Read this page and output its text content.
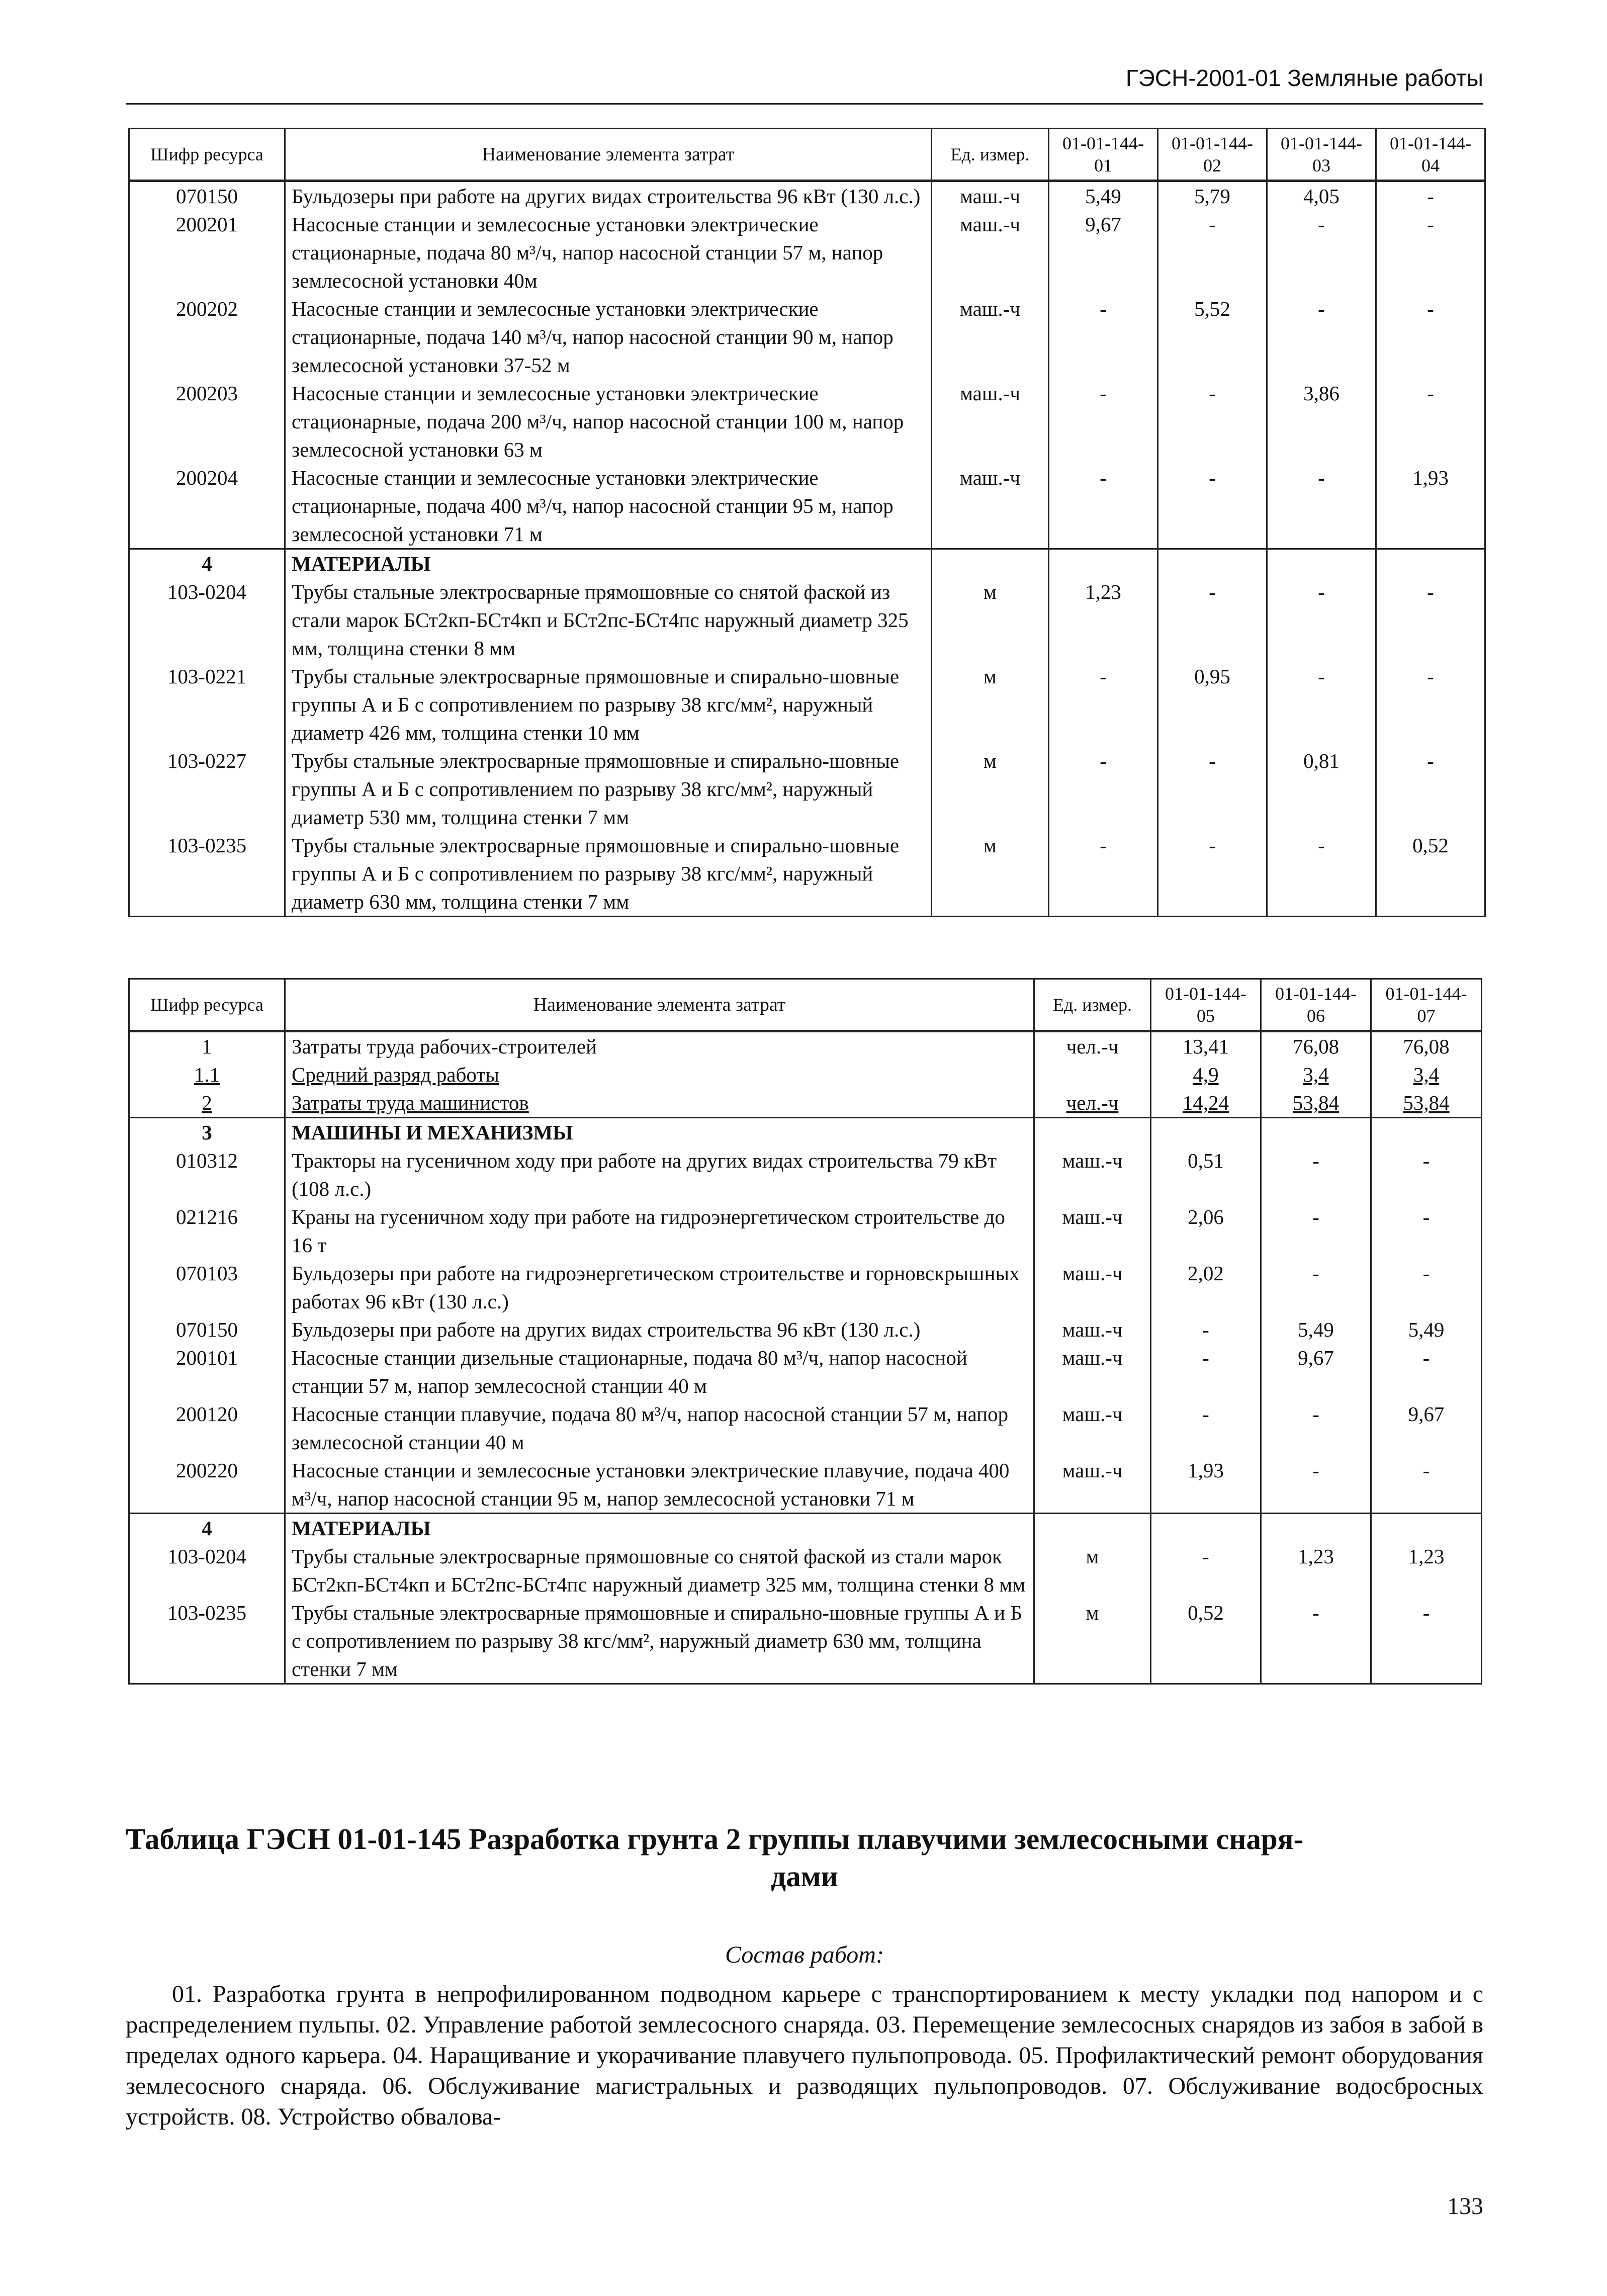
ГЭСН-2001-01 Земляные работы
Шифр ресурса	Наименование элемента затрат	Ед. измер.	01-01-144-01	01-01-144-02	01-01-144-03	01-01-144-04
070150	Бульдозеры при работе на других видах строительства 96 кВт (130 л.с.)	маш.-ч	5,49	5,79	4,05	-
200201	Насосные станции и землесосные установки электрические стационарные, подача 80 м³/ч, напор насосной станции 57 м, напор землесосной установки 40м	маш.-ч	9,67	-	-	-
200202	Насосные станции и землесосные установки электрические стационарные, подача 140 м³/ч, напор насосной станции 90 м, напор землесосной установки 37-52 м	маш.-ч	-	5,52	-	-
200203	Насосные станции и землесосные установки электрические стационарные, подача 200 м³/ч, напор насосной станции 100 м, напор землесосной установки 63 м	маш.-ч	-	-	3,86	-
200204	Насосные станции и землесосные установки электрические стационарные, подача 400 м³/ч, напор насосной станции 95 м, напор землесосной установки 71 м	маш.-ч	-	-	-	1,93
4	МАТЕРИАЛЫ					
103-0204	Трубы стальные электросварные прямошовные со снятой фаской из стали марок БСт2кп-БСт4кп и БСт2пс-БСт4пс наружный диаметр 325 мм, толщина стенки 8 мм	м	1,23	-	-	-
103-0221	Трубы стальные электросварные прямошовные и спирально-шовные группы А и Б с сопротивлением по разрыву 38 кгс/мм², наружный диаметр 426 мм, толщина стенки 10 мм	м	-	0,95	-	-
103-0227	Трубы стальные электросварные прямошовные и спирально-шовные группы А и Б с сопротивлением по разрыву 38 кгс/мм², наружный диаметр 530 мм, толщина стенки 7 мм	м	-	-	0,81	-
103-0235	Трубы стальные электросварные прямошовные и спирально-шовные группы А и Б с сопротивлением по разрыву 38 кгс/мм², наружный диаметр 630 мм, толщина стенки 7 мм	м	-	-	-	0,52
Шифр ресурса	Наименование элемента затрат	Ед. измер.	01-01-144-05	01-01-144-06	01-01-144-07
1	Затраты труда рабочих-строителей	чел.-ч	13,41	76,08	76,08
1.1	Средний разряд работы		4,9	3,4	3,4
2	Затраты труда машинистов	чел.-ч	14,24	53,84	53,84
3	МАШИНЫ И МЕХАНИЗМЫ				
010312	Тракторы на гусеничном ходу при работе на других видах строительства 79 кВт (108 л.с.)	маш.-ч	0,51	-	-
021216	Краны на гусеничном ходу при работе на гидроэнергетическом строительстве до 16 т	маш.-ч	2,06	-	-
070103	Бульдозеры при работе на гидроэнергетическом строительстве и горновскрышных работах 96 кВт (130 л.с.)	маш.-ч	2,02	-	-
070150	Бульдозеры при работе на других видах строительства 96 кВт (130 л.с.)	маш.-ч	-	5,49	5,49
200101	Насосные станции дизельные стационарные, подача 80 м³/ч, напор насосной станции 57 м, напор землесосной станции 40 м	маш.-ч	-	9,67	-
200120	Насосные станции плавучие, подача 80 м³/ч, напор насосной станции 57 м, напор землесосной станции 40 м	маш.-ч	-	-	9,67
200220	Насосные станции и землесосные установки электрические плавучие, подача 400 м³/ч, напор насосной станции 95 м, напор землесосной установки 71 м	маш.-ч	1,93	-	-
4	МАТЕРИАЛЫ				
103-0204	Трубы стальные электросварные прямошовные со снятой фаской из стали марок БСт2кп-БСт4кп и БСт2пс-БСт4пс наружный диаметр 325 мм, толщина стенки 8 мм	м	-	1,23	1,23
103-0235	Трубы стальные электросварные прямошовные и спирально-шовные группы А и Б с сопротивлением по разрыву 38 кгс/мм², наружный диаметр 630 мм, толщина стенки 7 мм	м	0,52	-	-
Таблица ГЭСН 01-01-145 Разработка грунта 2 группы плавучими землесосными снаря-
дами
Состав работ:
01. Разработка грунта в непрофилированном подводном карьере с транспортированием к месту укладки под напором и с распределением пульпы. 02. Управление работой землесосного снаряда. 03. Перемещение землесосных снарядов из забоя в забой в пределах одного карьера. 04. Наращивание и укорачивание плавучего пульпопровода. 05. Профилактический ремонт оборудования землесосного снаряда. 06. Обслуживание магистральных и разводящих пульпопроводов. 07. Обслуживание водосбросных устройств. 08. Устройство обвалова-
133
